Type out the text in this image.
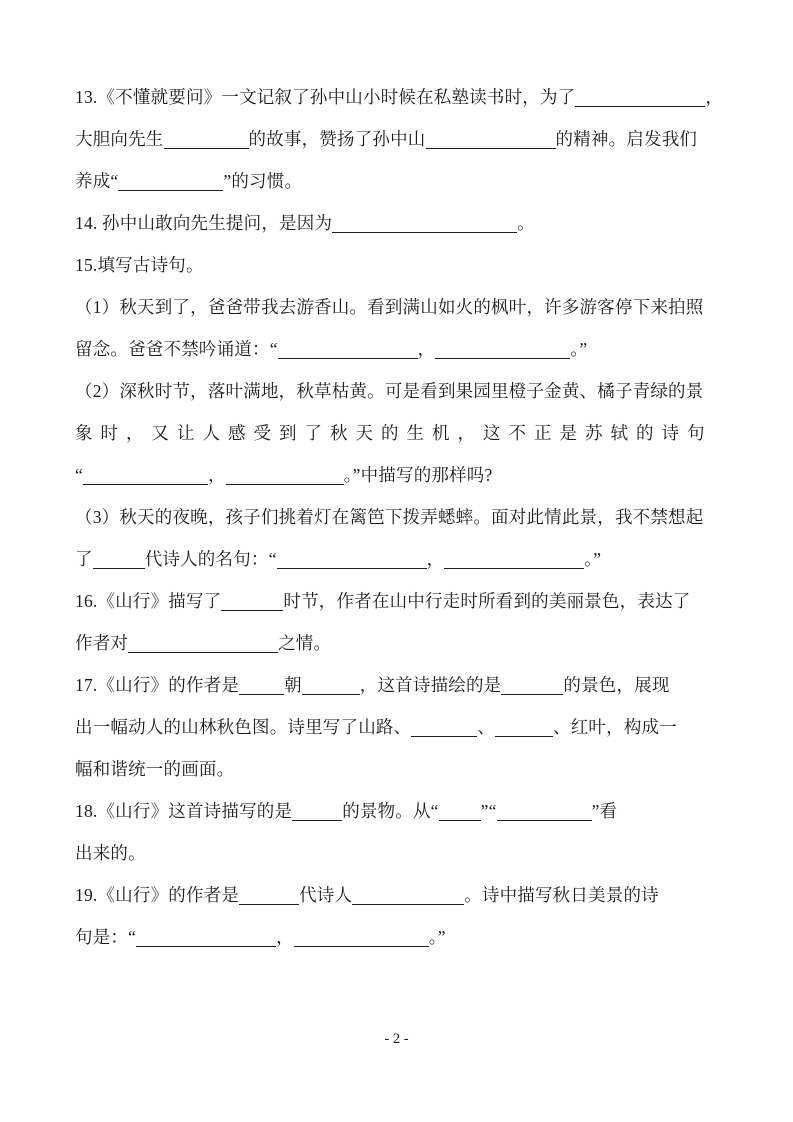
13.《不懂就要问》一文记叙了孙中山小时候在私塾读书时，为了	，
大胆向先生	的故事，赞扬了孙中山	的精神。启发我们
养成“	”的习惯。
14. 孙中山敢向先生提问，是因为	。
15.填写古诗句。
（1）秋天到了，爸爸带我去游香山。看到满山如火的枫叶，许多游客停下来拍照
留念。爸爸不禁吟诵道：“	，	。”
（2）深秋时节，落叶满地，秋草枯黄。可是看到果园里橙子金黄、橘子青绿的景
象时，又让人感受到了秋天的生机，这不正是苏轼的诗句
“	，	。”中描写的那样吗?
（3）秋天的夜晚，孩子们挑着灯在篱笆下拨弄蟋蟀。面对此情此景，我不禁想起
了	代诗人的名句：“	，	。”
16.《山行》描写了	时节，作者在山中行走时所看到的美丽景色，表达了
作者对	之情。
17.《山行》的作者是	朝	，这首诗描绘的是	的景色，展现
出一幅动人的山林秋色图。诗里写了山路、	、	、红叶，构成一
幅和谐统一的画面。
18.《山行》这首诗描写的是	的景物。从“ ”“	”看
出来的。
19.《山行》的作者是	代诗人	。诗中描写秋日美景的诗
句是：“	，	。”
- 2 -
